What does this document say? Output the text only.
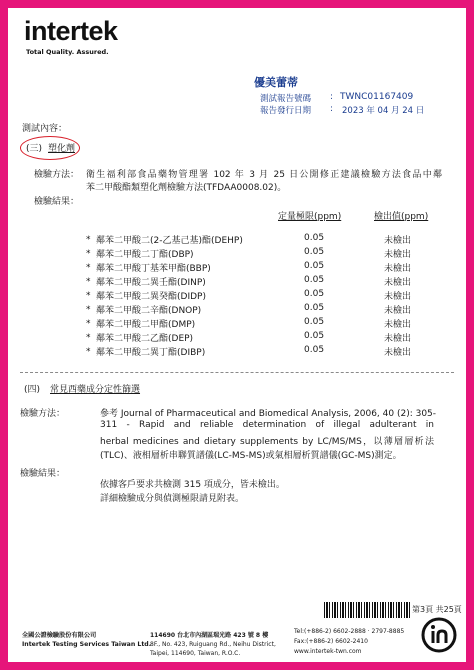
intertek
Total Quality. Assured.
優美蕾蒂
測試報告號碼 : TWNC01167409
報告發行日期 : 2023 年 04 月 24 日
測試內容：
(三) 塑化劑
檢驗方法： 衛生福利部食品藥物管理署 102 年 3 月 25 日公開修正建議檢驗方法食品中鄰
苯二甲酸酯類塑化劑檢驗方法(TFDAA0008.02)。
檢驗結果：
定量極限(ppm)	檢出值(ppm)
* 鄰苯二甲酸二(2-乙基己基)酯(DEHP)	0.05	未檢出
* 鄰苯二甲酸二丁酯(DBP)	0.05	未檢出
* 鄰苯二甲酸丁基苯甲酯(BBP)	0.05	未檢出
* 鄰苯二甲酸二異壬酯(DINP)	0.05	未檢出
* 鄰苯二甲酸二異癸酯(DIDP)	0.05	未檢出
* 鄰苯二甲酸二辛酯(DNOP)	0.05	未檢出
* 鄰苯二甲酸二甲酯(DMP)	0.05	未檢出
* 鄰苯二甲酸二乙酯(DEP)	0.05	未檢出
* 鄰苯二甲酸二異丁酯(DIBP)	0.05	未檢出
(四) 常見西藥成分定性篩選
檢驗方法：	參考 Journal of Pharmaceutical and Biomedical Analysis, 2006, 40 (2): 305-
311 - Rapid and reliable determination of illegal adulterant in
herbal medicines and dietary supplements by LC/MS/MS，以薄層層析法
(TLC)、液相層析串聯質譜儀(LC-MS-MS)或氣相層析質譜儀(GC-MS)測定。
檢驗結果：
依據客戶要求共檢測 315 項成分，皆未檢出。
詳細檢驗成分與偵測極限請見附表。
第3頁 共25頁
全國公證檢驗股份有限公司
Intertek Testing Services Taiwan Ltd.
114690 台北市內湖區瑞光路 423 號 8 樓
8F., No. 423, Ruiguang Rd., Neihu District,
Taipei, 114690, Taiwan, R.O.C.
Tel:(+886-2) 6602-2888 · 2797-8885
Fax:(+886-2) 6602-2410
www.intertek-twn.com
